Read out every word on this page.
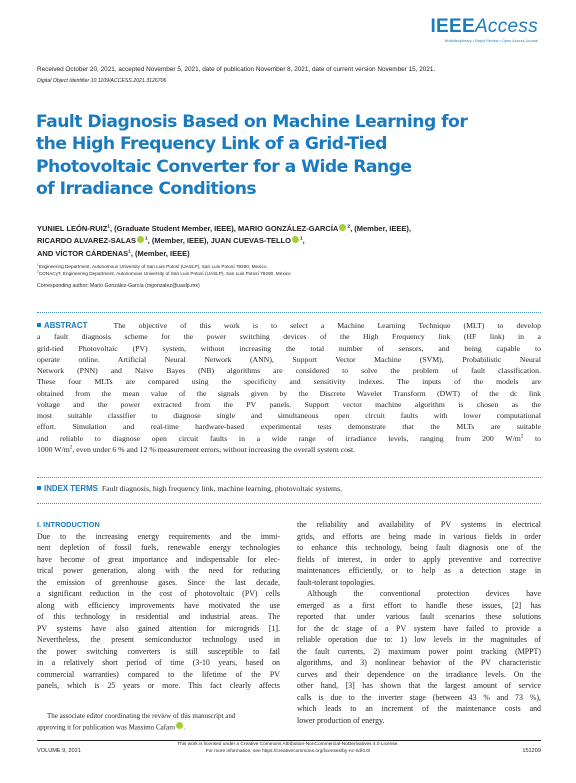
IEEEAccess
Multidisciplinary • Rapid Review • Open Access Journal
Received October 20, 2021, accepted November 5, 2021, date of publication November 8, 2021, date of current version November 15, 2021.
Digital Object Identifier 10.1109/ACCESS.2021.3126706
Fault Diagnosis Based on Machine Learning for
the High Frequency Link of a Grid-Tied
Photovoltaic Converter for a Wide Range
of Irradiance Conditions
YUNIEL LEÓN-RUIZ$^1$, (Graduate Student Member, IEEE), MARIO GONZÁLEZ-GARCÍA $^2$, (Member, IEEE),
RICARDO ALVAREZ-SALAS $^1$, (Member, IEEE), JUAN CUEVAS-TELLO $^1$,
AND VÍCTOR CÁRDENAS$^1$, (Member, IEEE)
$^1$Engineering Department, Autonomous University of San Luis Potosí (UASLP), San Luis Potosí 78290, Mexico
$^2$CONACyT, Engineering Department, Autonomous University of San Luis Potosí (UASLP), San Luis Potosí 78290, Mexico
Corresponding author: Mario González-García (mgonzalez@uaslp.mx)
ABSTRACT	The objective of this work is to select a Machine Learning Technique (MLT) to develop
a fault diagnosis scheme for the power switching devices of the High Frequency link (HF link) in a
grid-tied Photovoltaic (PV) system, without increasing the total number of sensors, and being capable to
operate online. Artificial Neural Network (ANN), Support Vector Machine (SVM), Probabilistic Neural
Network (PNN) and Naive Bayes (NB) algorithms are considered to solve the problem of fault classification.
These four MLTs are compared using the specificity and sensitivity indexes. The inputs of the models are
obtained from the mean value of the signals given by the Discrete Wavelet Transform (DWT) of the dc link
voltage and the power extracted from the PV panels. Support vector machine algorithm is chosen as the
most suitable classifier to diagnose single and simultaneous open circuit faults with lower computational
effort. Simulation and real-time hardware-based experimental tests demonstrate that the MLTs are suitable
and reliable to diagnose open circuit faults in a wide range of irradiance levels, ranging from 200 $W/m^2$ to
1000 $W/m^2$, even under 6 % and 12 % measurement errors, without increasing the overall system cost.
INDEX TERMS Fault diagnosis, high frequency link, machine learning, photovoltaic systems.
I. INTRODUCTION
Due to the increasing energy requirements and the immi-
nent depletion of fossil fuels, renewable energy technologies
have become of great importance and indispensable for elec-
trical power generation, along with the need for reducing
the emission of greenhouse gases. Since the last decade,
a significant reduction in the cost of photovoltaic (PV) cells
along with efficiency improvements have motivated the use
of this technology in residential and industrial areas. The
PV systems have also gained attention for microgrids [1].
Nevertheless, the present semiconductor technology used in
the power switching converters is still susceptible to fail
in a relatively short period of time (3-10 years, based on
commercial warranties) compared to the lifetime of the PV
panels, which is 25 years or more. This fact clearly affects
the reliability and availability of PV systems in electrical
grids, and efforts are being made in various fields in order
to enhance this technology, being fault diagnosis one of the
fields of interest, in order to apply preventive and corrective
maintenances efficiently, or to help as a detection stage in
fault-tolerant topologies.
Although the conventional protection devices have
emerged as a first effort to handle these issues, [2] has
reported that under various fault scenarios these solutions
for the dc stage of a PV system have failed to provide a
reliable operation due to: 1) low levels in the magnitudes of
the fault currents, 2) maximum power point tracking (MPPT)
algorithms, and 3) nonlinear behavior of the PV characteristic
curves and their dependence on the irradiance levels. On the
other hand, [3] has shown that the largest amount of service
calls is due to the inverter stage (between 43 % and 73 %),
which leads to an increment of the maintenance costs and
lower production of energy.
The associate editor coordinating the review of this manuscript and
approving it for publication was Massimo Cafaro .
This work is licensed under a Creative Commons Attribution-NonCommercial-NoDerivatives 4.0 License.
For more information, see https://creativecommons.org/licenses/by-nc-nd/4.0/
VOLUME 9, 2021	151209
